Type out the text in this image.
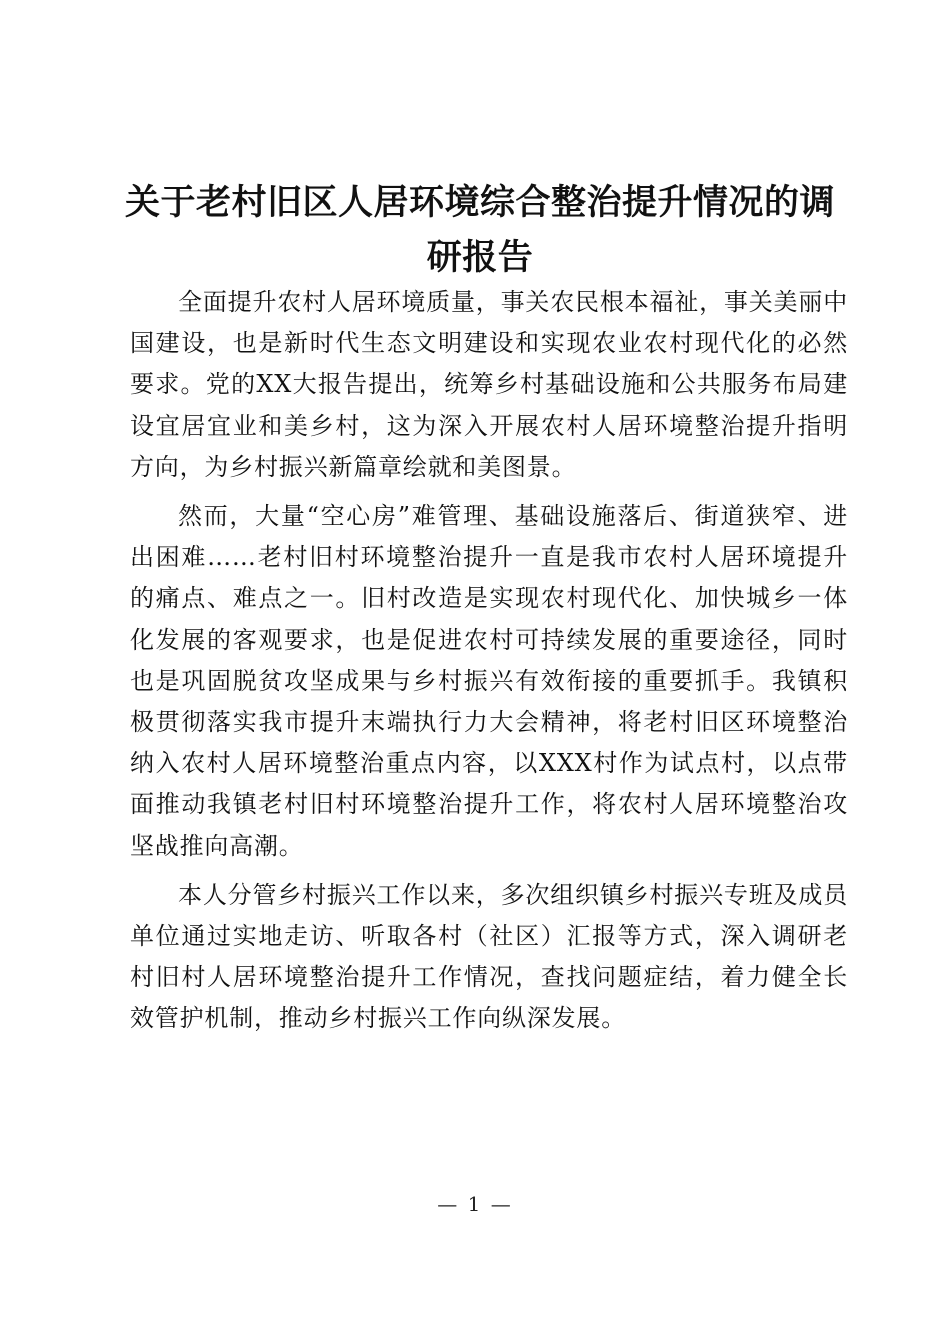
关于老村旧区人居环境综合整治提升情况的调研报告

全面提升农村人居环境质量，事关农民根本福祉，事关美丽中国建设，也是新时代生态文明建设和实现农业农村现代化的必然要求。党的XX大报告提出，统筹乡村基础设施和公共服务布局建设宜居宜业和美乡村，这为深入开展农村人居环境整治提升指明方向，为乡村振兴新篇章绘就和美图景。

然而，大量“空心房”难管理、基础设施落后、街道狭窄、进出困难……老村旧村环境整治提升一直是我市农村人居环境提升的痛点、难点之一。旧村改造是实现农村现代化、加快城乡一体化发展的客观要求，也是促进农村可持续发展的重要途径，同时也是巩固脱贫攻坚成果与乡村振兴有效衔接的重要抓手。我镇积极贯彻落实我市提升末端执行力大会精神，将老村旧区环境整治纳入农村人居环境整治重点内容，以XXX村作为试点村，以点带面推动我镇老村旧村环境整治提升工作，将农村人居环境整治攻坚战推向高潮。

本人分管乡村振兴工作以来，多次组织镇乡村振兴专班及成员单位通过实地走访、听取各村（社区）汇报等方式，深入调研老村旧村人居环境整治提升工作情况，查找问题症结，着力健全长效管护机制，推动乡村振兴工作向纵深发展。

— 1 —
